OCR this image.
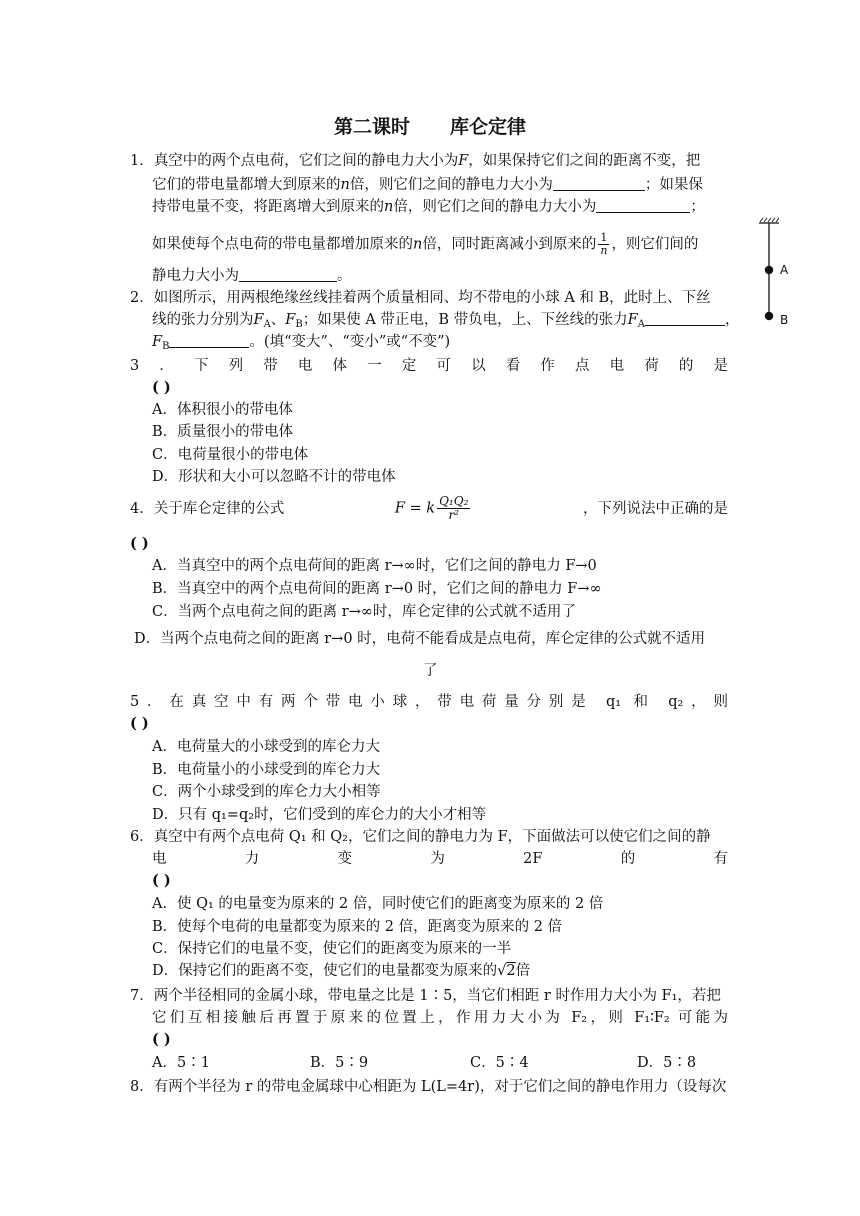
第二课时 库仑定律
1．真空中的两个点电荷，它们之间的静电力大小为F，如果保持它们之间的距离不变，把
它们的带电量都增大到原来的n倍，则它们之间的静电力大小为	；如果保
持带电量不变，将距离增大到原来的n倍，则它们之间的静电力大小为	；
如果使每个点电荷的带电量都增加原来的n倍，同时距离减小到原来的 $\frac{1}{n}$ ，则它们间的
静电力大小为	。	A
B
2．如图所示，用两根绝缘丝线挂着两个质量相同、均不带电的小球 A 和 B，此时上、下丝
线的张力分别为$F_A$、$F_B$；如果使 A 带正电，B 带负电，上、下丝线的张力$F_A$	，
$F_B$	。(填“变大”、“变小”或“不变”)
3．下列带电体一定可以看作点电荷的是
( )
A．体积很小的带电体
B．质量很小的带电体
C．电荷量很小的带电体
D．形状和大小可以忽略不计的带电体
4．关于库仑定律的公式	F = k $\frac{\text{Q₁Q₂}}{\text{r²}}$	，下列说法中正确的是
( )
A．当真空中的两个点电荷间的距离 r→∞时，它们之间的静电力 F→0
B．当真空中的两个点电荷间的距离 r→0 时，它们之间的静电力 F→∞
C．当两个点电荷之间的距离 r→∞时，库仑定律的公式就不适用了
D．当两个点电荷之间的距离 r→0 时，电荷不能看成是点电荷，库仑定律的公式就不适用
了
5．在真空中有两个带电小球，带电荷量分别是 q₁ 和 q₂，则
( )
A．电荷量大的小球受到的库仑力大
B．电荷量小的小球受到的库仑力大
C．两个小球受到的库仑力大小相等
D．只有 q₁=q₂时，它们受到的库仑力的大小才相等
6．真空中有两个点电荷 Q₁ 和 Q₂，它们之间的静电力为 F，下面做法可以使它们之间的静
电力变为2F的有
( )
A．使 Q₁ 的电量变为原来的 2 倍，同时使它们的距离变为原来的 2 倍
B．使每个电荷的电量都变为原来的 2 倍，距离变为原来的 2 倍
C．保持它们的电量不变，使它们的距离变为原来的一半
D．保持它们的距离不变，使它们的电量都变为原来的√2倍
7．两个半径相同的金属小球，带电量之比是 1∶5，当它们相距 r 时作用力大小为 F₁，若把
它们互相接触后再置于原来的位置上，作用力大小为 F₂，则 F₁∶F₂ 可能为
( )
A．5∶1	B．5∶9	C．5∶4	D．5∶8
8．有两个半径为 r 的带电金属球中心相距为 L(L=4r)，对于它们之间的静电作用力（设每次
